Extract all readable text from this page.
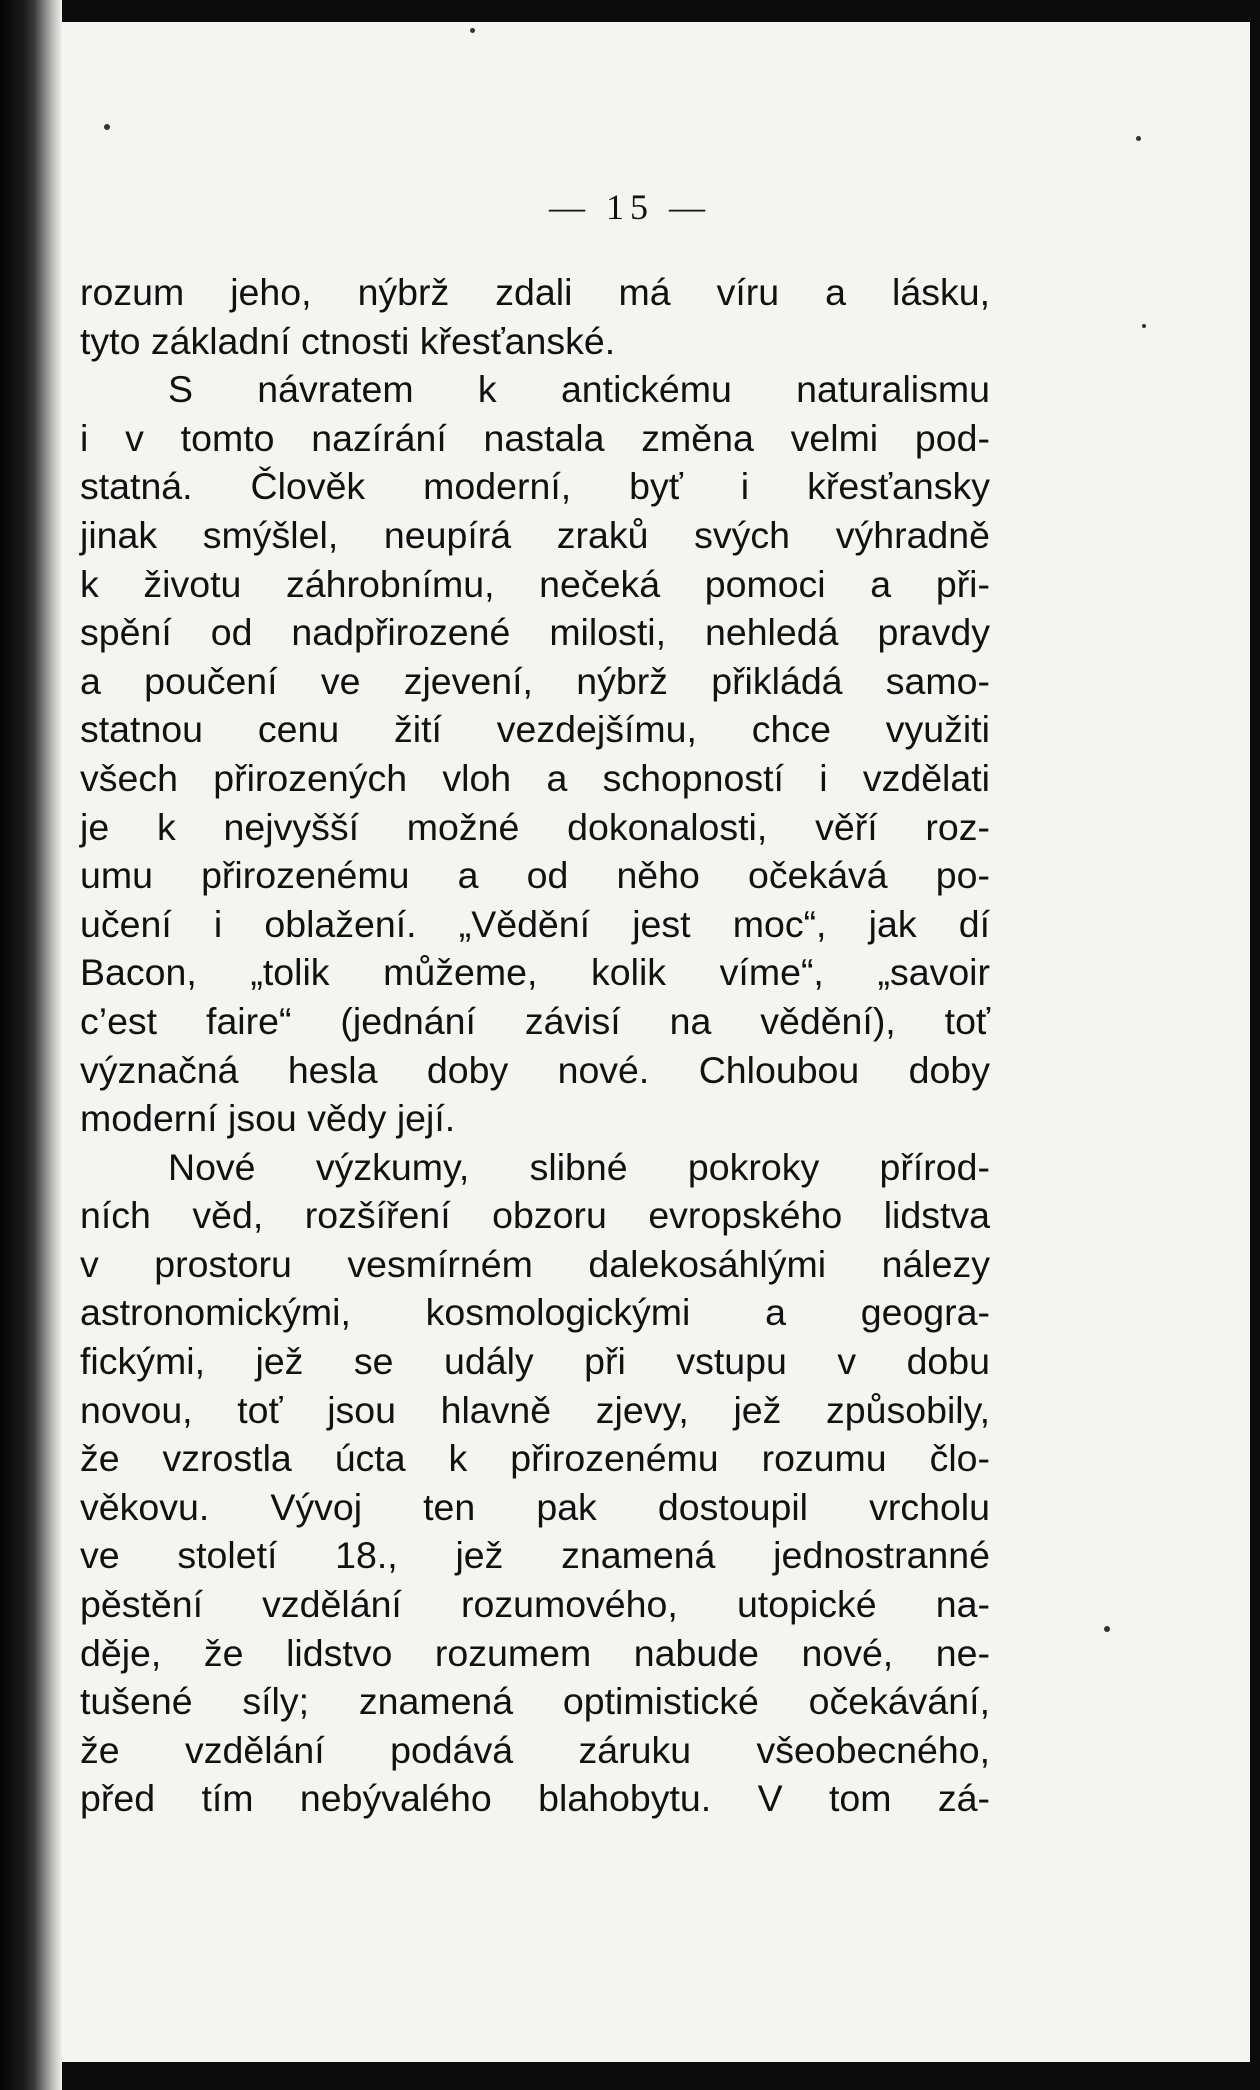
— 15 —
rozum jeho, nýbrž zdali má víru a lásku,
tyto základní ctnosti křesťanské.
S návratem k antickému naturalismu
i v tomto nazírání nastala změna velmi pod-
statná. Člověk moderní, byť i křesťansky
jinak smýšlel, neupírá zraků svých výhradně
k životu záhrobnímu, nečeká pomoci a při-
spění od nadpřirozené milosti, nehledá pravdy
a poučení ve zjevení, nýbrž přikládá samo-
statnou cenu žití vezdejšímu, chce využiti
všech přirozených vloh a schopností i vzdělati
je k nejvyšší možné dokonalosti, věří roz-
umu přirozenému a od něho očekává po-
učení i oblažení. „Vědění jest moc“, jak dí
Bacon, „tolik můžeme, kolik víme“, „savoir
c’est faire“ (jednání závisí na vědění), toť
význačná hesla doby nové. Chloubou doby
moderní jsou vědy její.
Nové výzkumy, slibné pokroky přírod-
ních věd, rozšíření obzoru evropského lidstva
v prostoru vesmírném dalekosáhlými nálezy
astronomickými, kosmologickými a geogra-
fickými, jež se udály při vstupu v dobu
novou, toť jsou hlavně zjevy, jež způsobily,
že vzrostla úcta k přirozenému rozumu člo-
věkovu. Vývoj ten pak dostoupil vrcholu
ve století 18., jež znamená jednostranné
pěstění vzdělání rozumového, utopické na-
děje, že lidstvo rozumem nabude nové, ne-
tušené síly; znamená optimistické očekávání,
že vzdělání podává záruku všeobecného,
před tím nebývalého blahobytu. V tom zá-
